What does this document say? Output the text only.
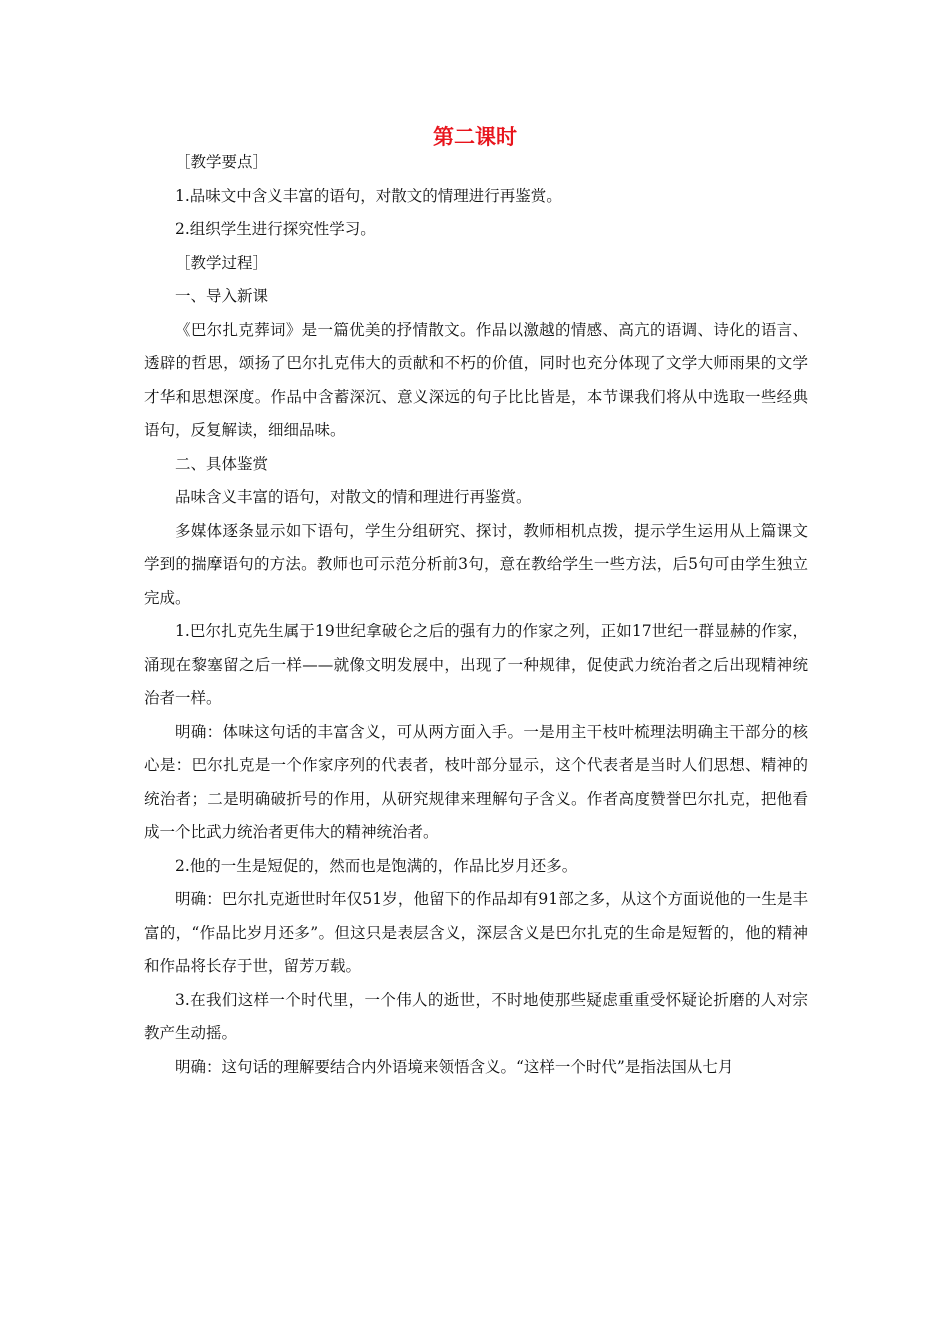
第二课时

［教学要点］

1.品味文中含义丰富的语句，对散文的情理进行再鉴赏。

2.组织学生进行探究性学习。

［教学过程］

一、导入新课

《巴尔扎克葬词》是一篇优美的抒情散文。作品以激越的情感、高亢的语调、诗化的语言、透辟的哲思，颂扬了巴尔扎克伟大的贡献和不朽的价值，同时也充分体现了文学大师雨果的文学才华和思想深度。作品中含蓄深沉、意义深远的句子比比皆是，本节课我们将从中选取一些经典语句，反复解读，细细品味。

二、具体鉴赏

品味含义丰富的语句，对散文的情和理进行再鉴赏。

多媒体逐条显示如下语句，学生分组研究、探讨，教师相机点拨，提示学生运用从上篇课文学到的揣摩语句的方法。教师也可示范分析前3句，意在教给学生一些方法，后5句可由学生独立完成。

1.巴尔扎克先生属于19世纪拿破仑之后的强有力的作家之列，正如17世纪一群显赫的作家，涌现在黎塞留之后一样——就像文明发展中，出现了一种规律，促使武力统治者之后出现精神统治者一样。

明确：体味这句话的丰富含义，可从两方面入手。一是用主干枝叶梳理法明确主干部分的核心是：巴尔扎克是一个作家序列的代表者，枝叶部分显示，这个代表者是当时人们思想、精神的统治者；二是明确破折号的作用，从研究规律来理解句子含义。作者高度赞誉巴尔扎克，把他看成一个比武力统治者更伟大的精神统治者。

2.他的一生是短促的，然而也是饱满的，作品比岁月还多。

明确：巴尔扎克逝世时年仅51岁，他留下的作品却有91部之多，从这个方面说他的一生是丰富的，“作品比岁月还多”。但这只是表层含义，深层含义是巴尔扎克的生命是短暂的，他的精神和作品将长存于世，留芳万载。

3.在我们这样一个时代里，一个伟人的逝世，不时地使那些疑虑重重受怀疑论折磨的人对宗教产生动摇。

明确：这句话的理解要结合内外语境来领悟含义。“这样一个时代”是指法国从七月
